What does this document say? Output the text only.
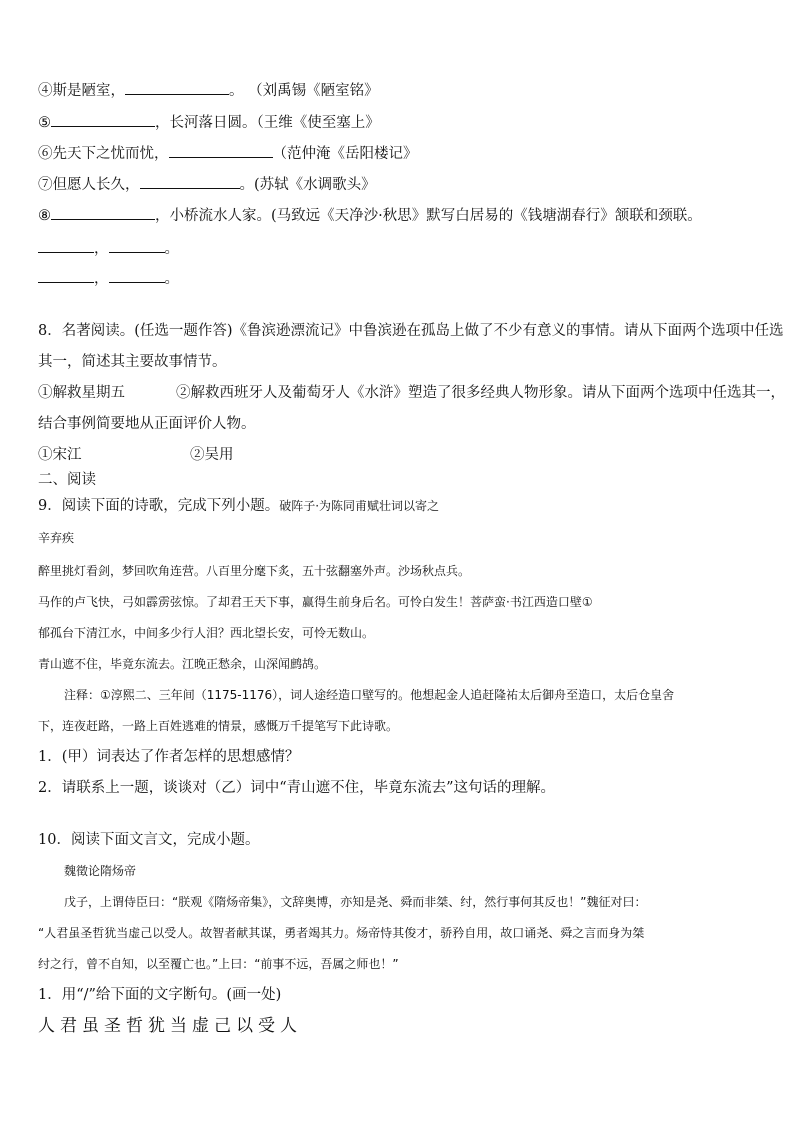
④斯是陋室，	。 （刘禹锡《陋室铭》
⑤	，长河落日圆。（王维《使至塞上》
⑥先天下之忧而忧，	（范仲淹《岳阳楼记》
⑦但愿人长久，	。(苏轼《水调歌头》
⑧	，小桥流水人家。(马致远《天净沙·秋思》默写白居易的《钱塘湖春行》颔联和颈联。
，	。
，	。
8．名著阅读。(任选一题作答)《鲁滨逊漂流记》中鲁滨逊在孤岛上做了不少有意义的事情。请从下面两个选项中任选
其一，简述其主要故事情节。
①解救星期五	②解救西班牙人及葡萄牙人《水浒》塑造了很多经典人物形象。请从下面两个选项中任选其一，
结合事例简要地从正面评价人物。
①宋江	②吴用
二、阅读
9．阅读下面的诗歌，完成下列小题。破阵子·为陈同甫赋壮词以寄之
辛弃疾
醉里挑灯看剑，梦回吹角连营。八百里分麾下炙，五十弦翻塞外声。沙场秋点兵。
马作的卢飞快，弓如霹雳弦惊。了却君王天下事，赢得生前身后名。可怜白发生！菩萨蛮·书江西造口壁①
郁孤台下清江水，中间多少行人泪？西北望长安，可怜无数山。
青山遮不住，毕竟东流去。江晚正愁余，山深闻鹧鸪。
注释：①淳熙二、三年间（1175-1176），词人途经造口壁写的。他想起金人追赶隆祐太后御舟至造口，太后仓皇舍
下，连夜赶路，一路上百姓逃难的情景，感慨万千提笔写下此诗歌。
1．(甲）词表达了作者怎样的思想感情？
2．请联系上一题，谈谈对（乙）词中“青山遮不住，毕竟东流去”这句话的理解。
10．阅读下面文言文，完成小题。
魏徵论隋炀帝
戊子，上谓侍臣曰：“朕观《隋炀帝集》，文辞奥博，亦知是尧、舜而非桀、纣，然行事何其反也！”魏征对曰：
“人君虽圣哲犹当虚己以受人。故智者献其谋，勇者竭其力。炀帝恃其俊才，骄矜自用，故口诵尧、舜之言而身为桀
纣之行，曾不自知，以至覆亡也。”上曰：“前事不远，吾属之师也！”
1．用“/”给下面的文字断句。(画一处)
人君虽圣哲犹当虚己以受人
